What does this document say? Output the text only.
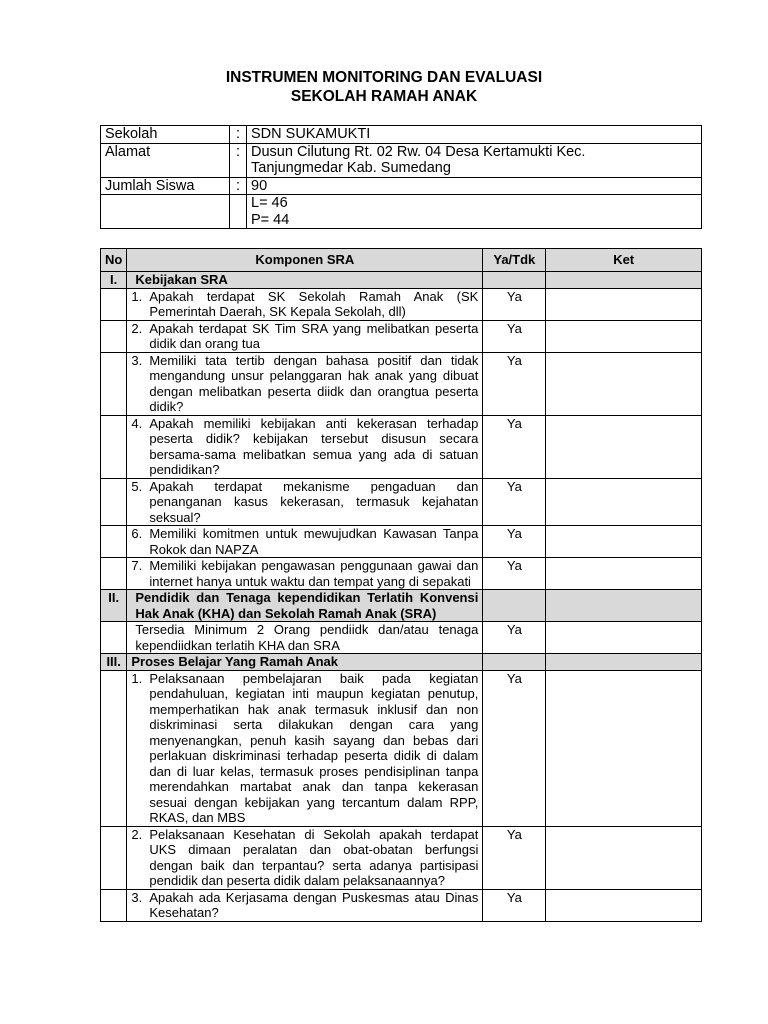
INSTRUMEN MONITORING DAN EVALUASI
SEKOLAH RAMAH ANAK
Sekolah	:	SDN SUKAMUKTI
Alamat	:	Dusun Cilutung Rt. 02 Rw. 04 Desa Kertamukti Kec.
Tanjungmedar Kab. Sumedang

Jumlah Siswa	:	90

		L= 46
P= 44
No	Komponen SRA	Ya/Tdk	Ket
I.	Kebijakan SRA		

	1. Apakah terdapat SK Sekolah Ramah Anak (SK Pemerintah Daerah, SK Kepala Sekolah, dll)	Ya	

	2. Apakah terdapat SK Tim SRA yang melibatkan peserta didik dan orang tua	Ya	

	3. Memiliki tata tertib dengan bahasa positif dan tidak mengandung unsur pelanggaran hak anak yang dibuat dengan melibatkan peserta diidk dan orangtua peserta didik?	Ya	

	4. Apakah memiliki kebijakan anti kekerasan terhadap peserta didik? kebijakan tersebut disusun secara bersama-sama melibatkan semua yang ada di satuan pendidikan?	Ya	

	5. Apakah terdapat mekanisme pengaduan dan penanganan kasus kekerasan, termasuk kejahatan seksual?	Ya	

	6. Memiliki komitmen untuk mewujudkan Kawasan Tanpa Rokok dan NAPZA	Ya	

	7. Memiliki kebijakan pengawasan penggunaan gawai dan internet hanya untuk waktu dan tempat yang di sepakati	Ya	
II.	Pendidik dan Tenaga kependidikan Terlatih Konvensi Hak Anak (KHA) dan Sekolah Ramah Anak (SRA)		
	Tersedia Minimum 2 Orang pendiidk dan/atau tenaga kependiidkan terlatih KHA dan SRA	Ya	
III.	Proses Belajar Yang Ramah Anak		

	1. Pelaksanaan pembelajaran baik pada kegiatan pendahuluan, kegiatan inti maupun kegiatan penutup, memperhatikan hak anak termasuk inklusif dan non diskriminasi serta dilakukan dengan cara yang menyenangkan, penuh kasih sayang dan bebas dari perlakuan diskriminasi terhadap peserta didik di dalam dan di luar kelas, termasuk proses pendisiplinan tanpa merendahkan martabat anak dan tanpa kekerasan sesuai dengan kebijakan yang tercantum dalam RPP, RKAS, dan MBS	Ya	

	2. Pelaksanaan Kesehatan di Sekolah apakah terdapat UKS dimaan peralatan dan obat-obatan berfungsi dengan baik dan terpantau? serta adanya partisipasi pendidik dan peserta didik dalam pelaksanaannya?	Ya	

	3. Apakah ada Kerjasama dengan Puskesmas atau Dinas Kesehatan?	Ya	
